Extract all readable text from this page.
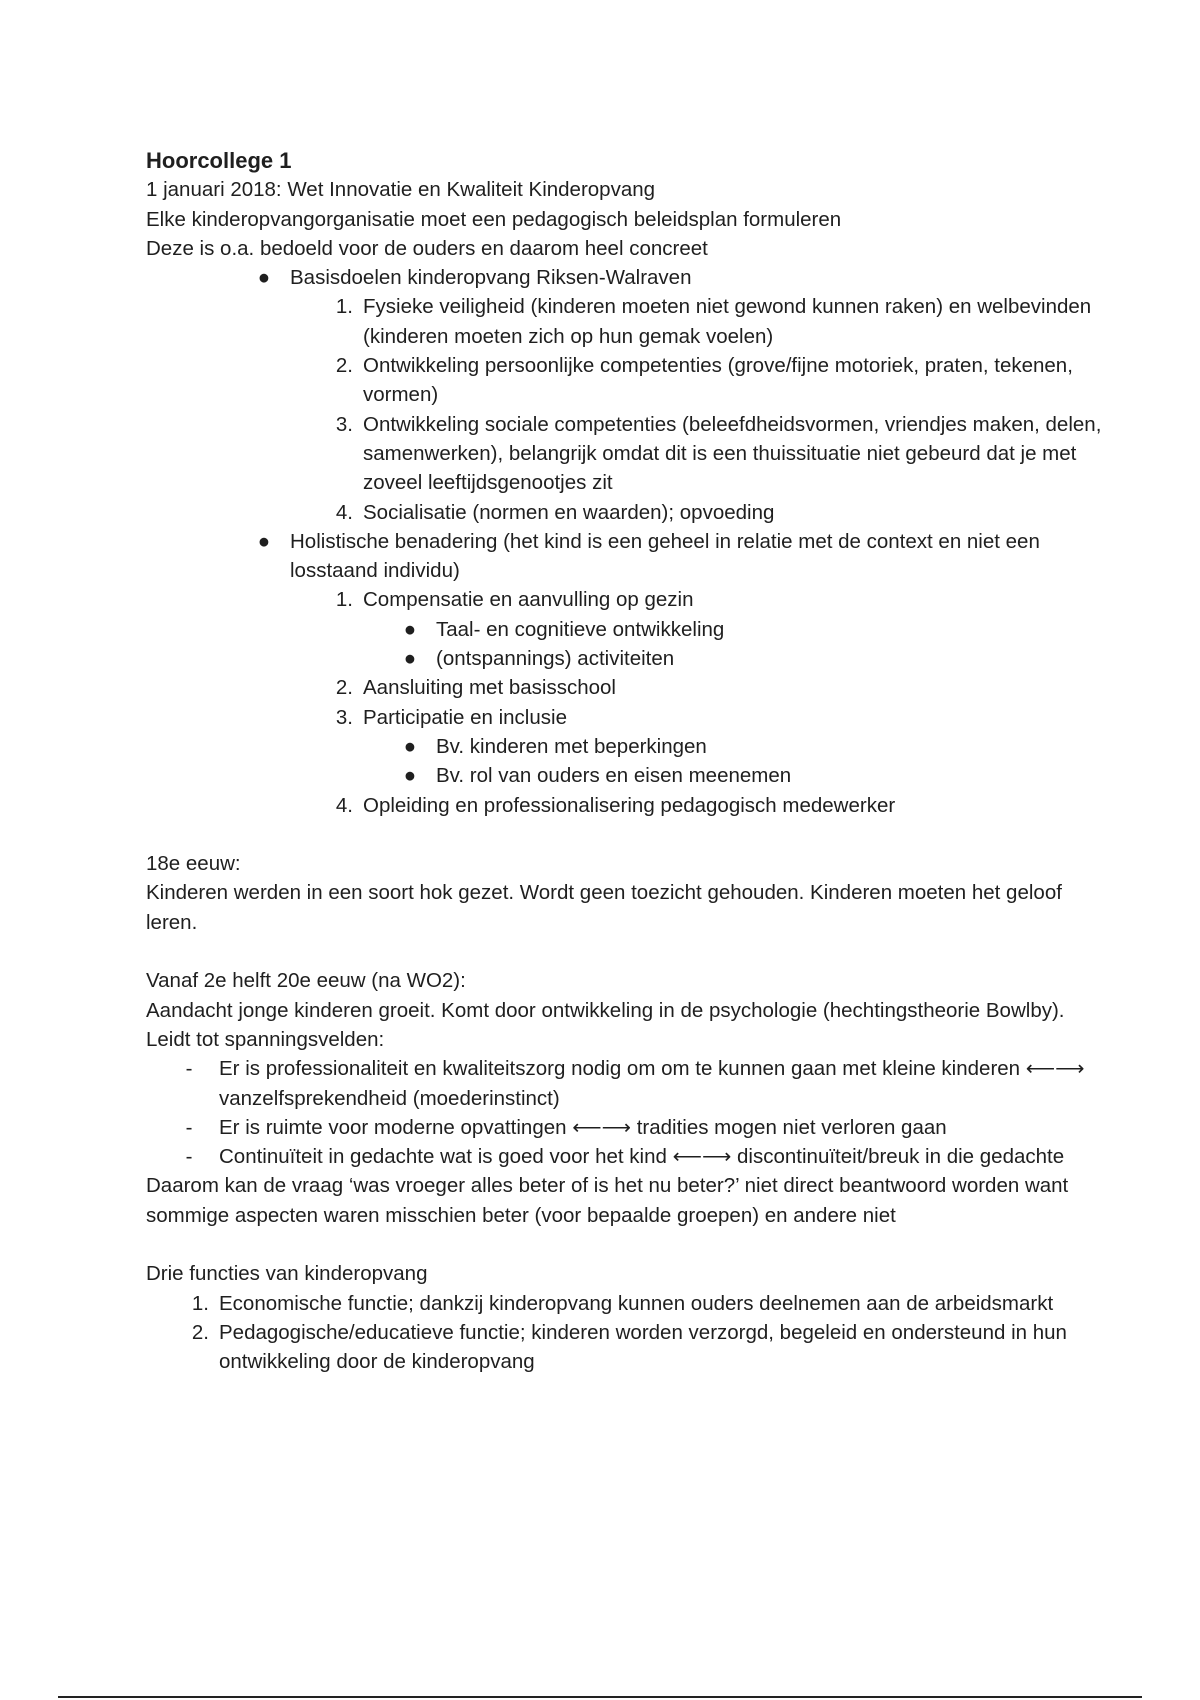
Hoorcollege 1

1 januari 2018: Wet Innovatie en Kwaliteit Kinderopvang

Elke kinderopvangorganisatie moet een pedagogisch beleidsplan formuleren

Deze is o.a. bedoeld voor de ouders en daarom heel concreet

● Basisdoelen kinderopvang Riksen-Walraven
1. Fysieke veiligheid (kinderen moeten niet gewond kunnen raken) en welbevinden (kinderen moeten zich op hun gemak voelen)
2. Ontwikkeling persoonlijke competenties (grove/fijne motoriek, praten, tekenen, vormen)
3. Ontwikkeling sociale competenties (beleefdheidsvormen, vriendjes maken, delen, samenwerken), belangrijk omdat dit is een thuissituatie niet gebeurd dat je met zoveel leeftijdsgenootjes zit
4. Socialisatie (normen en waarden); opvoeding
● Holistische benadering (het kind is een geheel in relatie met de context en niet een losstaand individu)
1. Compensatie en aanvulling op gezin
● Taal- en cognitieve ontwikkeling
● (ontspannings) activiteiten
2. Aansluiting met basisschool
3. Participatie en inclusie
● Bv. kinderen met beperkingen
● Bv. rol van ouders en eisen meenemen
4. Opleiding en professionalisering pedagogisch medewerker

18e eeuw:

Kinderen werden in een soort hok gezet. Wordt geen toezicht gehouden. Kinderen moeten het geloof leren.

Vanaf 2e helft 20e eeuw (na WO2):

Aandacht jonge kinderen groeit. Komt door ontwikkeling in de psychologie (hechtingstheorie Bowlby). Leidt tot spanningsvelden:

-	Er is professionaliteit en kwaliteitszorg nodig om om te kunnen gaan met kleine kinderen ⟵⟶ vanzelfsprekendheid (moederinstinct)
-	Er is ruimte voor moderne opvattingen ⟵⟶ tradities mogen niet verloren gaan
-	Continuïteit in gedachte wat is goed voor het kind ⟵⟶ discontinuïteit/breuk in die gedachte

Daarom kan de vraag ‘was vroeger alles beter of is het nu beter?’ niet direct beantwoord worden want sommige aspecten waren misschien beter (voor bepaalde groepen) en andere niet

Drie functies van kinderopvang

1. Economische functie; dankzij kinderopvang kunnen ouders deelnemen aan de arbeidsmarkt
2. Pedagogische/educatieve functie; kinderen worden verzorgd, begeleid en ondersteund in hun ontwikkeling door de kinderopvang
